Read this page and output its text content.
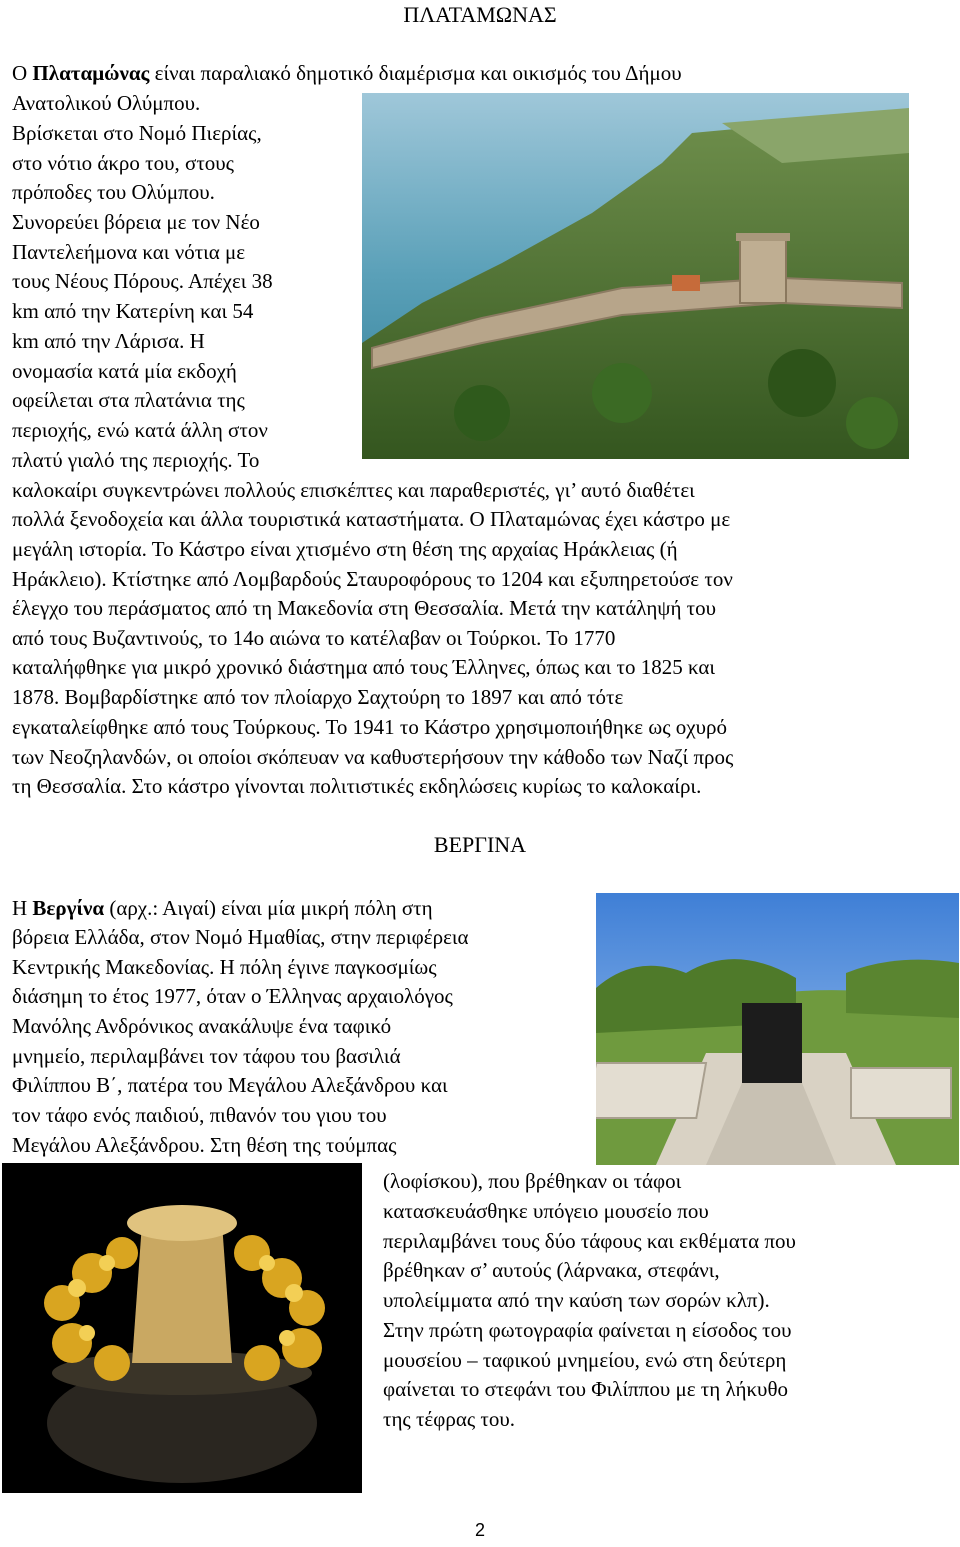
ΠΛΑΤΑΜΩΝΑΣ
ΒΕΡΓΙΝΑ
Ο Πλαταμώνας είναι παραλιακό δημοτικό διαμέρισμα και οικισμός του Δήμου
Ανατολικού Ολύμπου.
Βρίσκεται στο Νομό Πιερίας,
στο νότιο άκρο του, στους
πρόποδες του Ολύμπου.
Συνορεύει βόρεια με τον Νέο
Παντελεήμονα και νότια με
τους Νέους Πόρους. Απέχει 38
km από την Κατερίνη και 54
km από την Λάρισα. Η
ονομασία κατά μία εκδοχή
οφείλεται στα πλατάνια της
περιοχής, ενώ κατά άλλη στον
πλατύ γιαλό της περιοχής. Το
καλοκαίρι συγκεντρώνει πολλούς επισκέπτες και παραθεριστές, γι’ αυτό διαθέτει
πολλά ξενοδοχεία και άλλα τουριστικά καταστήματα. Ο Πλαταμώνας έχει κάστρο με
μεγάλη ιστορία. Το Κάστρο είναι χτισμένο στη θέση της αρχαίας Ηράκλειας (ή
Ηράκλειο). Κτίστηκε από Λομβαρδούς Σταυροφόρους το 1204 και εξυπηρετούσε τον
έλεγχο του περάσματος από τη Μακεδονία στη Θεσσαλία. Μετά την κατάληψή του
από τους Βυζαντινούς, το 14ο αιώνα το κατέλαβαν οι Τούρκοι. Το 1770
καταλήφθηκε για μικρό χρονικό διάστημα από τους Έλληνες, όπως και το 1825 και
1878. Βομβαρδίστηκε από τον πλοίαρχο Σαχτούρη το 1897 και από τότε
εγκαταλείφθηκε από τους Τούρκους. Το 1941 το Κάστρο χρησιμοποιήθηκε ως οχυρό
των Νεοζηλανδών, οι οποίοι σκόπευαν να καθυστερήσουν την κάθοδο των Ναζί προς
τη Θεσσαλία. Στο κάστρο γίνονται πολιτιστικές εκδηλώσεις κυρίως το καλοκαίρι.
Η Βεργίνα (αρχ.: Αιγαί) είναι μία μικρή πόλη στη
βόρεια Ελλάδα, στον Νομό Ημαθίας, στην περιφέρεια
Κεντρικής Μακεδονίας. Η πόλη έγινε παγκοσμίως
διάσημη το έτος 1977, όταν ο Έλληνας αρχαιολόγος
Μανόλης Ανδρόνικος ανακάλυψε ένα ταφικό
μνημείο, περιλαμβάνει τον τάφου του βασιλιά
Φιλίππου Β΄, πατέρα του Μεγάλου Αλεξάνδρου και
τον τάφο ενός παιδιού, πιθανόν του γιου του
Μεγάλου Αλεξάνδρου. Στη θέση της τούμπας
(λοφίσκου), που βρέθηκαν οι τάφοι
κατασκευάσθηκε υπόγειο μουσείο που
περιλαμβάνει τους δύο τάφους και εκθέματα που
βρέθηκαν σ’ αυτούς (λάρνακα, στεφάνι,
υπολείμματα από την καύση των σορών κλπ).
Στην πρώτη φωτογραφία φαίνεται η είσοδος του
μουσείου – ταφικού μνημείου, ενώ στη δεύτερη
φαίνεται το στεφάνι του Φιλίππου με τη λήκυθο
της τέφρας του.
2
